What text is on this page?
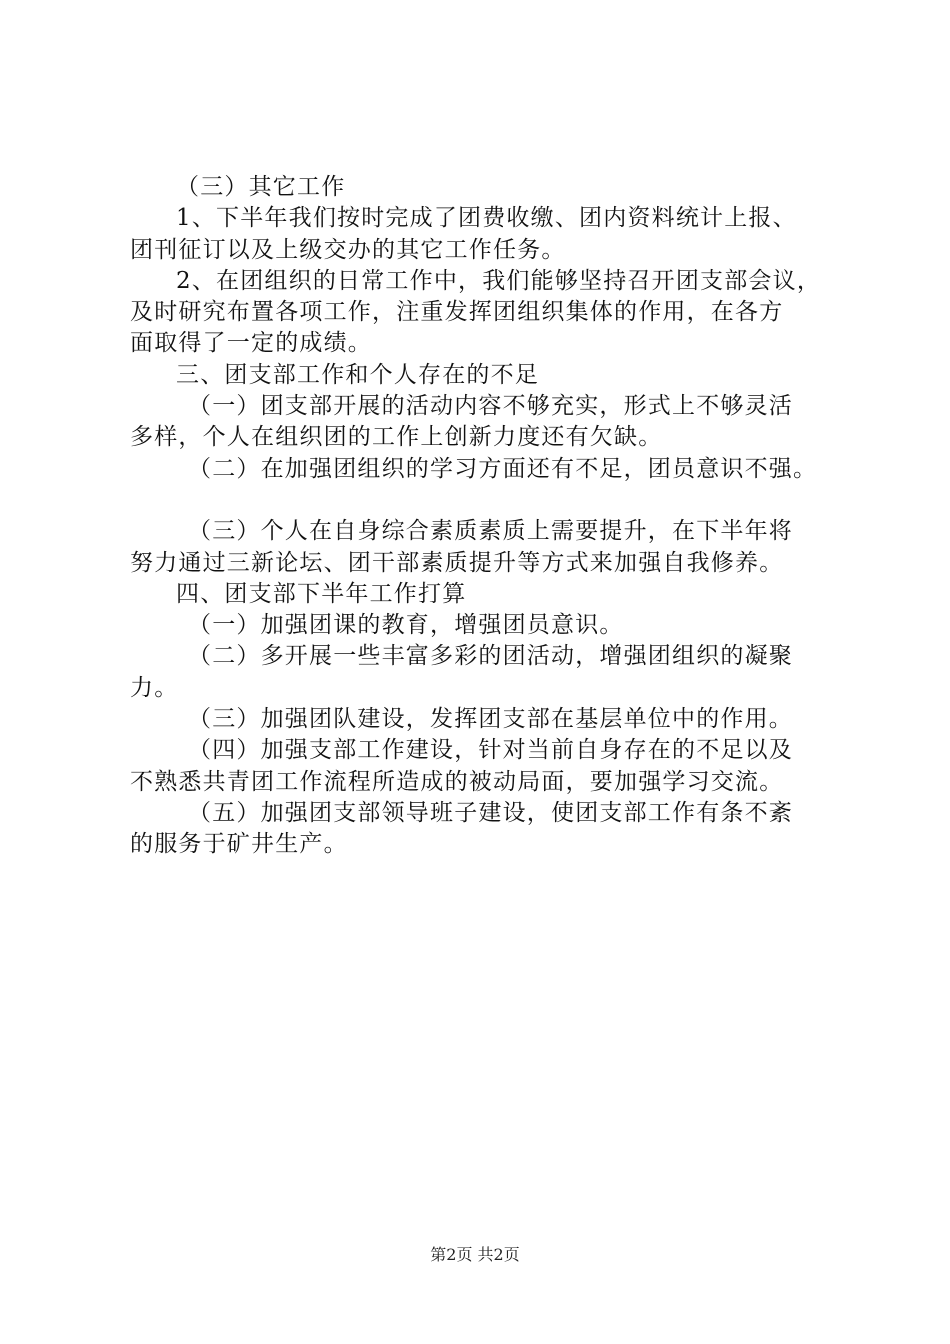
（三）其它工作
1、下半年我们按时完成了团费收缴、团内资料统计上报、
团刊征订以及上级交办的其它工作任务。
2、在团组织的日常工作中，我们能够坚持召开团支部会议，
及时研究布置各项工作，注重发挥团组织集体的作用，在各方
面取得了一定的成绩。
三、团支部工作和个人存在的不足
（一）团支部开展的活动内容不够充实，形式上不够灵活
多样，个人在组织团的工作上创新力度还有欠缺。
（二）在加强团组织的学习方面还有不足，团员意识不强。
（三）个人在自身综合素质素质上需要提升，在下半年将
努力通过三新论坛、团干部素质提升等方式来加强自我修养。
四、团支部下半年工作打算
（一）加强团课的教育，增强团员意识。
（二）多开展一些丰富多彩的团活动，增强团组织的凝聚
力。
（三）加强团队建设，发挥团支部在基层单位中的作用。
（四）加强支部工作建设，针对当前自身存在的不足以及
不熟悉共青团工作流程所造成的被动局面，要加强学习交流。
（五）加强团支部领导班子建设，使团支部工作有条不紊
的服务于矿井生产。
第2页 共2页
